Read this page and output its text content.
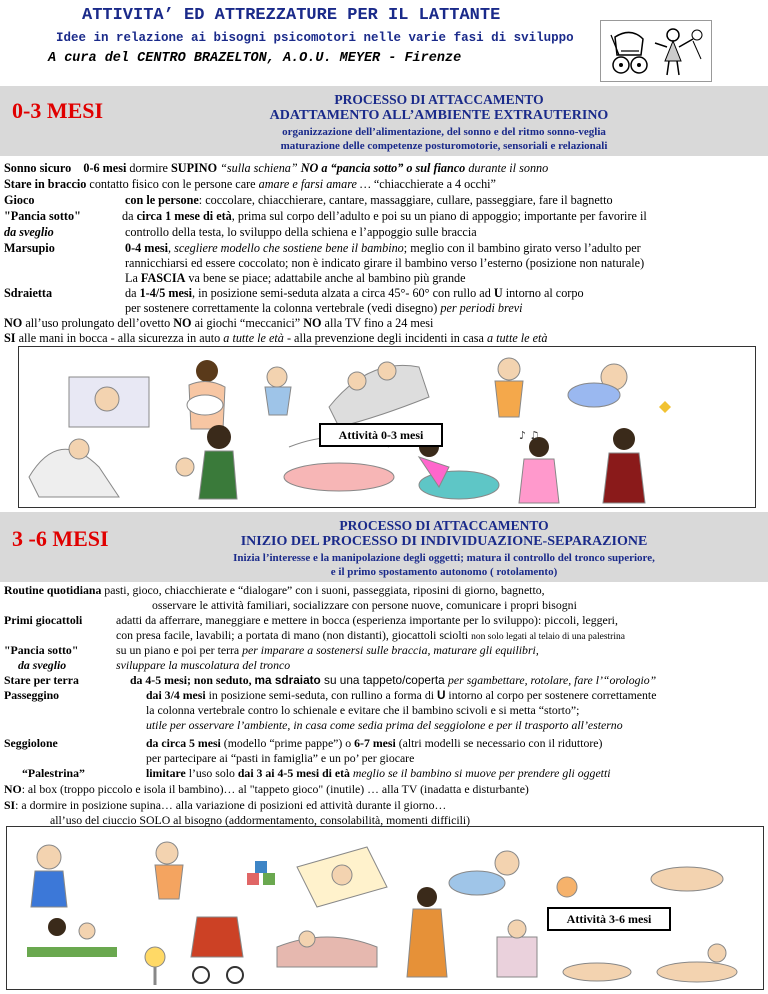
ATTIVITA’ ED ATTREZZATURE PER IL LATTANTE
Idee in relazione ai bisogni psicomotori nelle varie fasi di sviluppo
A cura del CENTRO BRAZELTON, A.O.U. MEYER - Firenze
0-3 MESI	PROCESSO DI ATTACCAMENTO
ADATTAMENTO ALL’AMBIENTE EXTRAUTERINO
organizzazione dell’alimentazione, del sonno e del ritmo sonno-veglia
maturazione delle competenze posturomotorie, sensoriali e relazionali
Sonno sicuro 0-6 mesi dormire SUPINO “sulla schiena” NO a “pancia sotto” o sul fianco durante il sonno
Stare in braccio contatto fisico con le persone care amare e farsi amare … “chiacchierate a 4 occhi”
Gioco	con le persone: coccolare, chiacchierare, cantare, massaggiare, cullare, passeggiare, fare il bagnetto
"Pancia sotto"	da circa 1 mese di età, prima sul corpo dell’adulto e poi su un piano di appoggio; importante per favorire il
da sveglio	controllo della testa, lo sviluppo della schiena e l’appoggio sulle braccia
Marsupio	0-4 mesi, scegliere modello che sostiene bene il bambino; meglio con il bambino girato verso l’adulto per
rannicchiarsi ed essere coccolato; non è indicato girare il bambino verso l’esterno (posizione non naturale)
La FASCIA va bene se piace; adattabile anche al bambino più grande
Sdraietta	da 1-4/5 mesi, in posizione semi-seduta alzata a circa 45°- 60° con rullo ad U intorno al corpo
per sostenere correttamente la colonna vertebrale (vedi disegno) per periodi brevi
NO all’uso prolungato dell’ovetto NO ai giochi “meccanici” NO alla TV fino a 24 mesi
SI alle mani in bocca - alla sicurezza in auto a tutte le età - alla prevenzione degli incidenti in casa a tutte le età
♪ ♫
Attività 0-3 mesi
3 -6 MESI
PROCESSO DI ATTACCAMENTO
INIZIO DEL PROCESSO DI INDIVIDUAZIONE-SEPARAZIONE
Inizia l’interesse e la manipolazione degli oggetti; matura il controllo del tronco superiore,
e il primo spostamento autonomo ( rotolamento)
Routine quotidiana pasti, gioco, chiacchierate e “dialogare” con i suoni, passeggiata, riposini di giorno, bagnetto,
osservare le attività familiari, socializzare con persone nuove, comunicare i propri bisogni
Primi giocattoli	adatti da afferrare, maneggiare e mettere in bocca (esperienza importante per lo sviluppo): piccoli, leggeri,
con presa facile, lavabili; a portata di mano (non distanti), giocattoli sciolti non solo legati al telaio di una palestrina
"Pancia sotto"	su un piano e poi per terra per imparare a sostenersi sulle braccia, maturare gli equilibri,
da sveglio	sviluppare la muscolatura del tronco
Stare per terra	da 4-5 mesi; non seduto, ma sdraiato su una tappeto/coperta per sgambettare, rotolare, fare l’“orologio”
Passeggino	dai 3/4 mesi in posizione semi-seduta, con rullino a forma di U intorno al corpo per sostenere correttamente
la colonna vertebrale contro lo schienale e evitare che il bambino scivoli e si metta “storto”;
utile per osservare l’ambiente, in casa come sedia prima del seggiolone e per il trasporto all’esterno
Seggiolone	da circa 5 mesi (modello “prime pappe”) o 6-7 mesi (altri modelli se necessario con il riduttore)
per partecipare ai “pasti in famiglia” e un po’ per giocare
“Palestrina”	limitare l’uso solo dai 3 ai 4-5 mesi di età meglio se il bambino si muove per prendere gli oggetti
NO: al box (troppo piccolo e isola il bambino)… al "tappeto gioco" (inutile) … alla TV (inadatta e disturbante)
SI: a dormire in posizione supina… alla variazione di posizioni ed attività durante il giorno…
all’uso del ciuccio SOLO al bisogno (addormentamento, consolabilità, momenti difficili)
Attività 3-6 mesi
